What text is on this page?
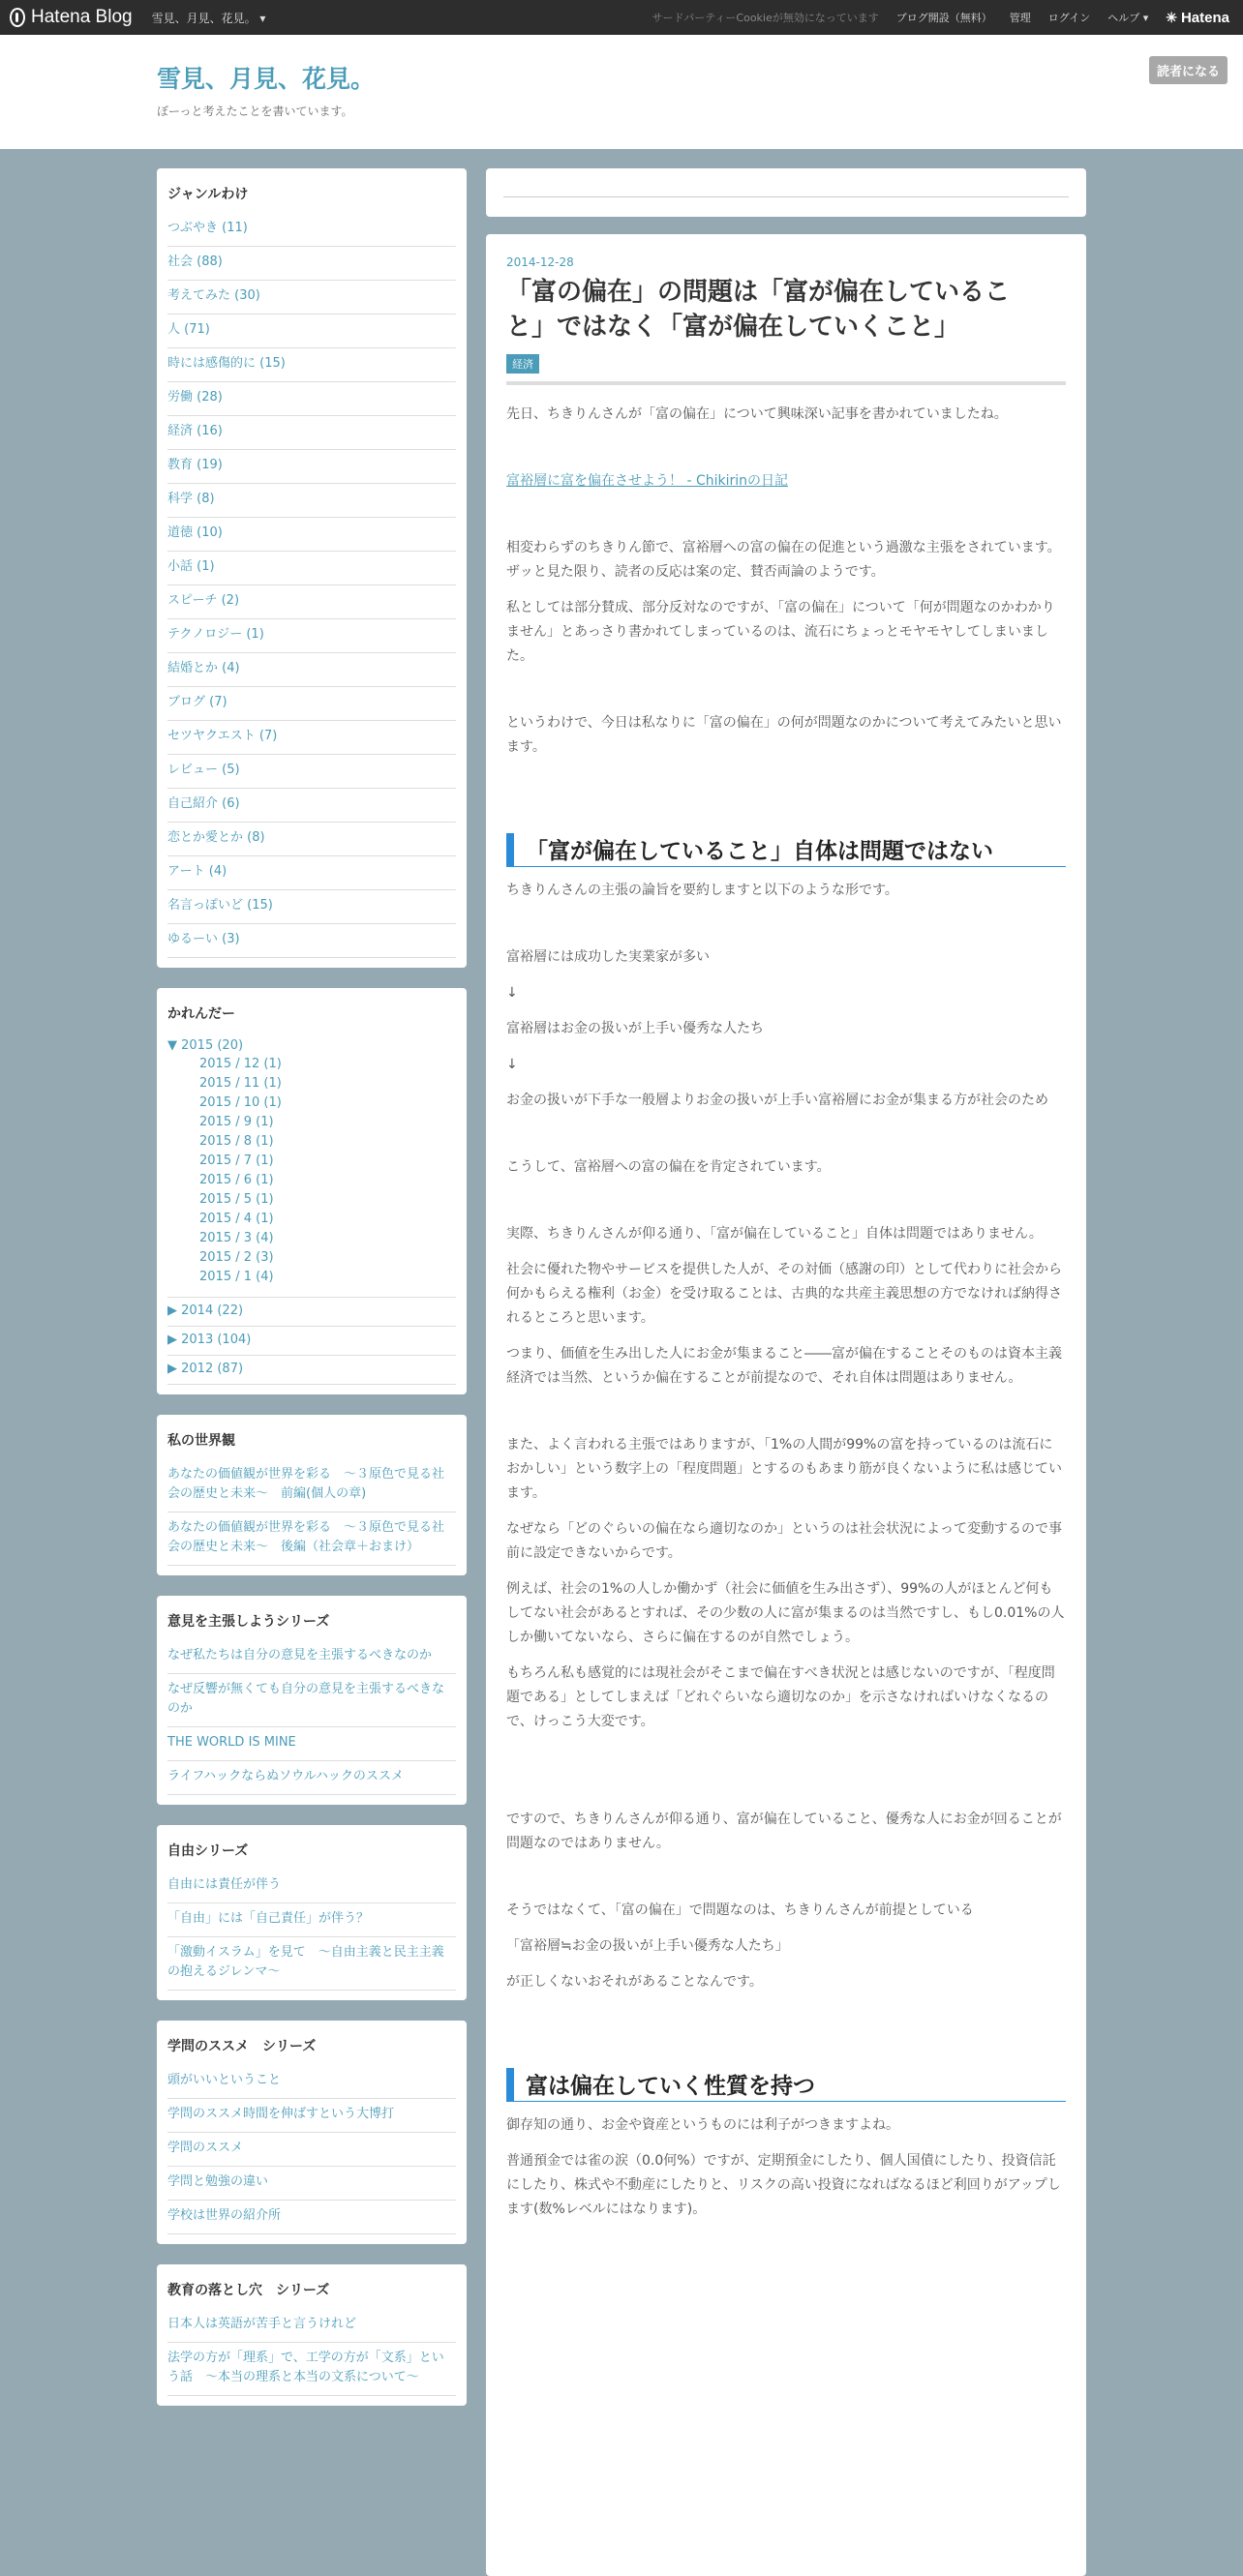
Hatena Blog 雪見、月見、花見。 ▾	サードパーティーCookieが無効になっています ブログ開設（無料） 管理 ログイン ヘルプ ▾ ✳ Hatena
雪見、月見、花見。
ぼーっと考えたことを書いています。
読者になる
ジャンルわけ
つぶやき (11)
社会 (88)
考えてみた (30)
人 (71)
時には感傷的に (15)
労働 (28)
経済 (16)
教育 (19)
科学 (8)
道徳 (10)
小話 (1)
スピーチ (2)
テクノロジー (1)
結婚とか (4)
ブログ (7)
セツヤクエスト (7)
レビュー (5)
自己紹介 (6)
恋とか愛とか (8)
アート (4)
名言っぽいど (15)
ゆるーい (3)
かれんだー
▼ 2015 (20)
2015 / 12 (1)
2015 / 11 (1)
2015 / 10 (1)
2015 / 9 (1)
2015 / 8 (1)
2015 / 7 (1)
2015 / 6 (1)
2015 / 5 (1)
2015 / 4 (1)
2015 / 3 (4)
2015 / 2 (3)
2015 / 1 (4)
▶ 2014 (22)
▶ 2013 (104)
▶ 2012 (87)
私の世界観
あなたの価値観が世界を彩る　～３原色で見る社会の歴史と未来～　前編(個人の章)
あなたの価値観が世界を彩る　～３原色で見る社会の歴史と未来～　後編（社会章＋おまけ）
意見を主張しようシリーズ
なぜ私たちは自分の意見を主張するべきなのか
なぜ反響が無くても自分の意見を主張するべきなのか
THE WORLD IS MINE
ライフハックならぬソウルハックのススメ
自由シリーズ
自由には責任が伴う
「自由」には「自己責任」が伴う？
「激動イスラム」を見て　～自由主義と民主主義の抱えるジレンマ～
学問のススメ　シリーズ
頭がいいということ
学問のススメ時間を伸ばすという大博打
学問のススメ
学問と勉強の違い
学校は世界の紹介所
教育の落とし穴　シリーズ
日本人は英語が苦手と言うけれど
法学の方が「理系」で、工学の方が「文系」という話　～本当の理系と本当の文系について～
2014-12-28
「富の偏在」の問題は「富が偏在していること」ではなく「富が偏在していくこと」
経済

先日、ちきりんさんが「富の偏在」について興味深い記事を書かれていましたね。

富裕層に富を偏在させよう！ - Chikirinの日記

相変わらずのちきりん節で、富裕層への富の偏在の促進という過激な主張をされています。ザッと見た限り、読者の反応は案の定、賛否両論のようです。

私としては部分賛成、部分反対なのですが、「富の偏在」について「何が問題なのかわかりません」とあっさり書かれてしまっているのは、流石にちょっとモヤモヤしてしまいました。

というわけで、今日は私なりに「富の偏在」の何が問題なのかについて考えてみたいと思います。

「富が偏在していること」自体は問題ではない

ちきりんさんの主張の論旨を要約しますと以下のような形です。

富裕層には成功した実業家が多い

↓

富裕層はお金の扱いが上手い優秀な人たち

↓

お金の扱いが下手な一般層よりお金の扱いが上手い富裕層にお金が集まる方が社会のため

こうして、富裕層への富の偏在を肯定されています。

実際、ちきりんさんが仰る通り、「富が偏在していること」自体は問題ではありません。

社会に優れた物やサービスを提供した人が、その対価（感謝の印）として代わりに社会から何かもらえる権利（お金）を受け取ることは、古典的な共産主義思想の方でなければ納得されるところと思います。

つまり、価値を生み出した人にお金が集まること――富が偏在することそのものは資本主義経済では当然、というか偏在することが前提なので、それ自体は問題はありません。

また、よく言われる主張ではありますが、「1%の人間が99%の富を持っているのは流石におかしい」という数字上の「程度問題」とするのもあまり筋が良くないように私は感じています。

なぜなら「どのぐらいの偏在なら適切なのか」というのは社会状況によって変動するので事前に設定できないからです。

例えば、社会の1%の人しか働かず（社会に価値を生み出さず）、99%の人がほとんど何もしてない社会があるとすれば、その少数の人に富が集まるのは当然ですし、もし0.01%の人しか働いてないなら、さらに偏在するのが自然でしょう。

もちろん私も感覚的には現社会がそこまで偏在すべき状況とは感じないのですが、「程度問題である」としてしまえば「どれぐらいなら適切なのか」を示さなければいけなくなるので、けっこう大変です。

ですので、ちきりんさんが仰る通り、富が偏在していること、優秀な人にお金が回ることが問題なのではありません。

そうではなくて、「富の偏在」で問題なのは、ちきりんさんが前提としている

「富裕層≒お金の扱いが上手い優秀な人たち」

が正しくないおそれがあることなんです。

富は偏在していく性質を持つ

御存知の通り、お金や資産というものには利子がつきますよね。

普通預金では雀の涙（0.0何%）ですが、定期預金にしたり、個人国債にしたり、投資信託にしたり、株式や不動産にしたりと、リスクの高い投資になればなるほど利回りがアップします(数%レベルにはなります)。
